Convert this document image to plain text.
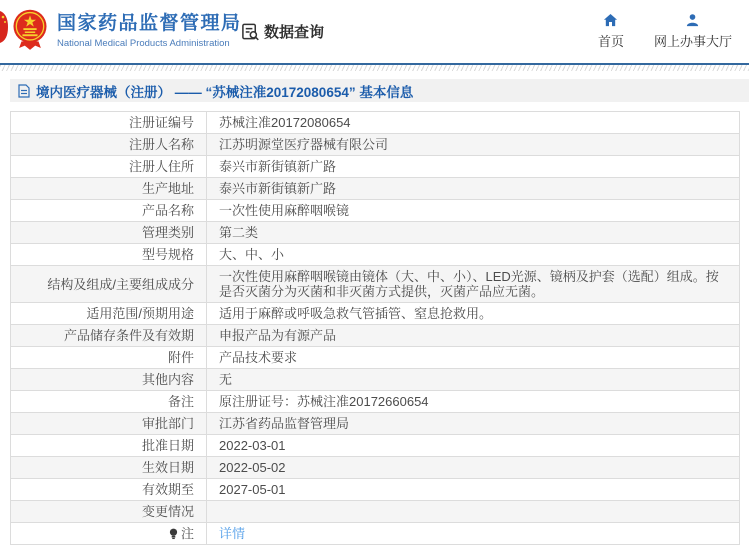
国家药品监督管理局
National Medical Products Administration
数据查询
首页 网上办事大厅
境内医疗器械（注册） —— “苏械注准20172080654” 基本信息
注册证编号	苏械注准20172080654
注册人名称	江苏明源堂医疗器械有限公司
注册人住所	泰兴市新街镇新广路
生产地址	泰兴市新街镇新广路
产品名称	一次性使用麻醉咽喉镜
管理类别	第二类
型号规格	大、中、小
结构及组成/主要组成成分	一次性使用麻醉咽喉镜由镜体（大、中、小）、LED光源、镜柄及护套（选配）组成。按是否灭菌分为灭菌和非灭菌方式提供，灭菌产品应无菌。
适用范围/预期用途	适用于麻醉或呼吸急救气管插管、窒息抢救用。
产品储存条件及有效期	申报产品为有源产品
附件	产品技术要求
其他内容	无
备注	原注册证号：苏械注准20172660654
审批部门	江苏省药品监督管理局
批准日期	2022-03-01
生效日期	2022-05-02
有效期至	2027-05-01
变更情况
注 详情
